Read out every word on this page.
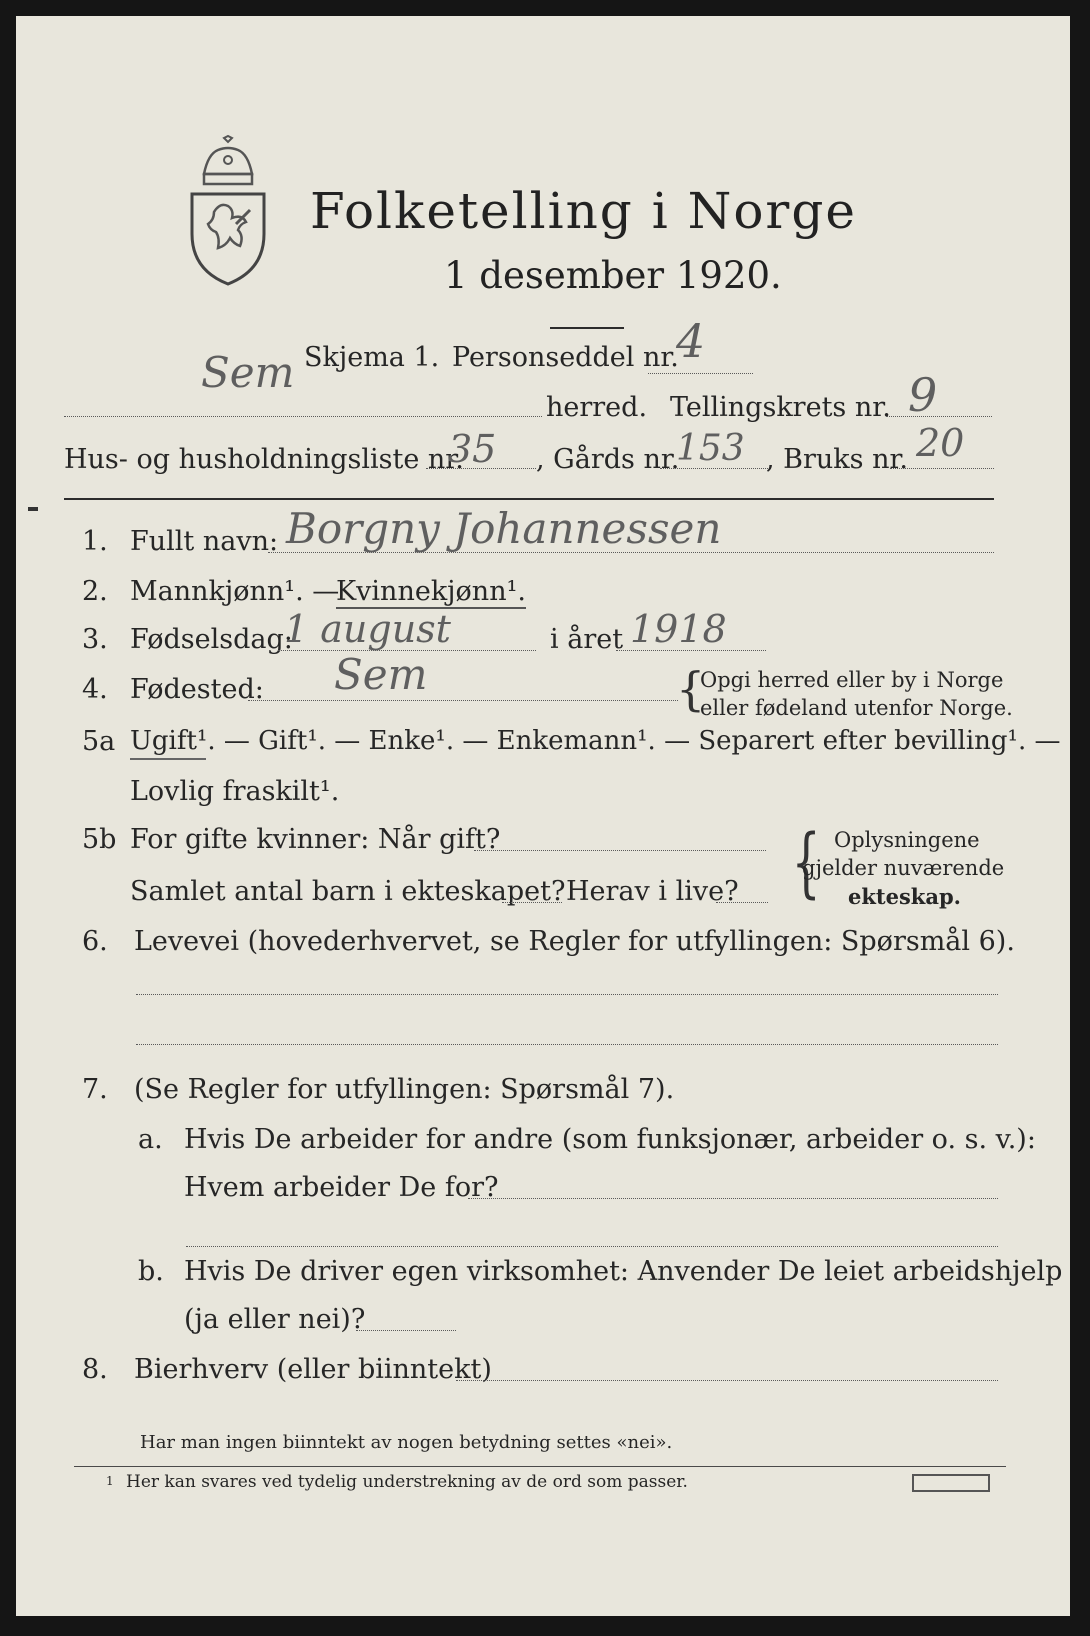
Folketelling i Norge
1 desember 1920.
Sem Skjema 1. Personseddel nr.
4
herred. Tellingskrets nr. 9
Hus- og husholdningsliste nr.
35 , Gårds nr.
153 , Bruks nr. 20
1. Fullt navn: Borgny Johannessen
2. Mannkjønn¹. —
Kvinnekjønn¹.
3. Fødselsdag:
1 august	i året 1918
4. Fødested: Sem	{
Opgi herred eller by i Norge
eller fødeland utenfor Norge.
5a Ugift¹. — Gift¹. — Enke¹. — Enkemann¹. — Separert efter bevilling¹. —
Lovlig fraskilt¹.
5b For gifte kvinner: Når gift?
Samlet antal barn i ekteskapet? Herav i live? { Oplysningene
gjelder nuværende
ekteskap.
6. Levevei (hovederhvervet, se Regler for utfyllingen: Spørsmål 6).
7. (Se Regler for utfyllingen: Spørsmål 7).
a. Hvis De arbeider for andre (som funksjonær, arbeider o. s. v.):
Hvem arbeider De for?
b. Hvis De driver egen virksomhet: Anvender De leiet arbeidshjelp
(ja eller nei)?
8. Bierhverv (eller biinntekt)
Har man ingen biinntekt av nogen betydning settes «nei».
1 Her kan svares ved tydelig understrekning av de ord som passer.
